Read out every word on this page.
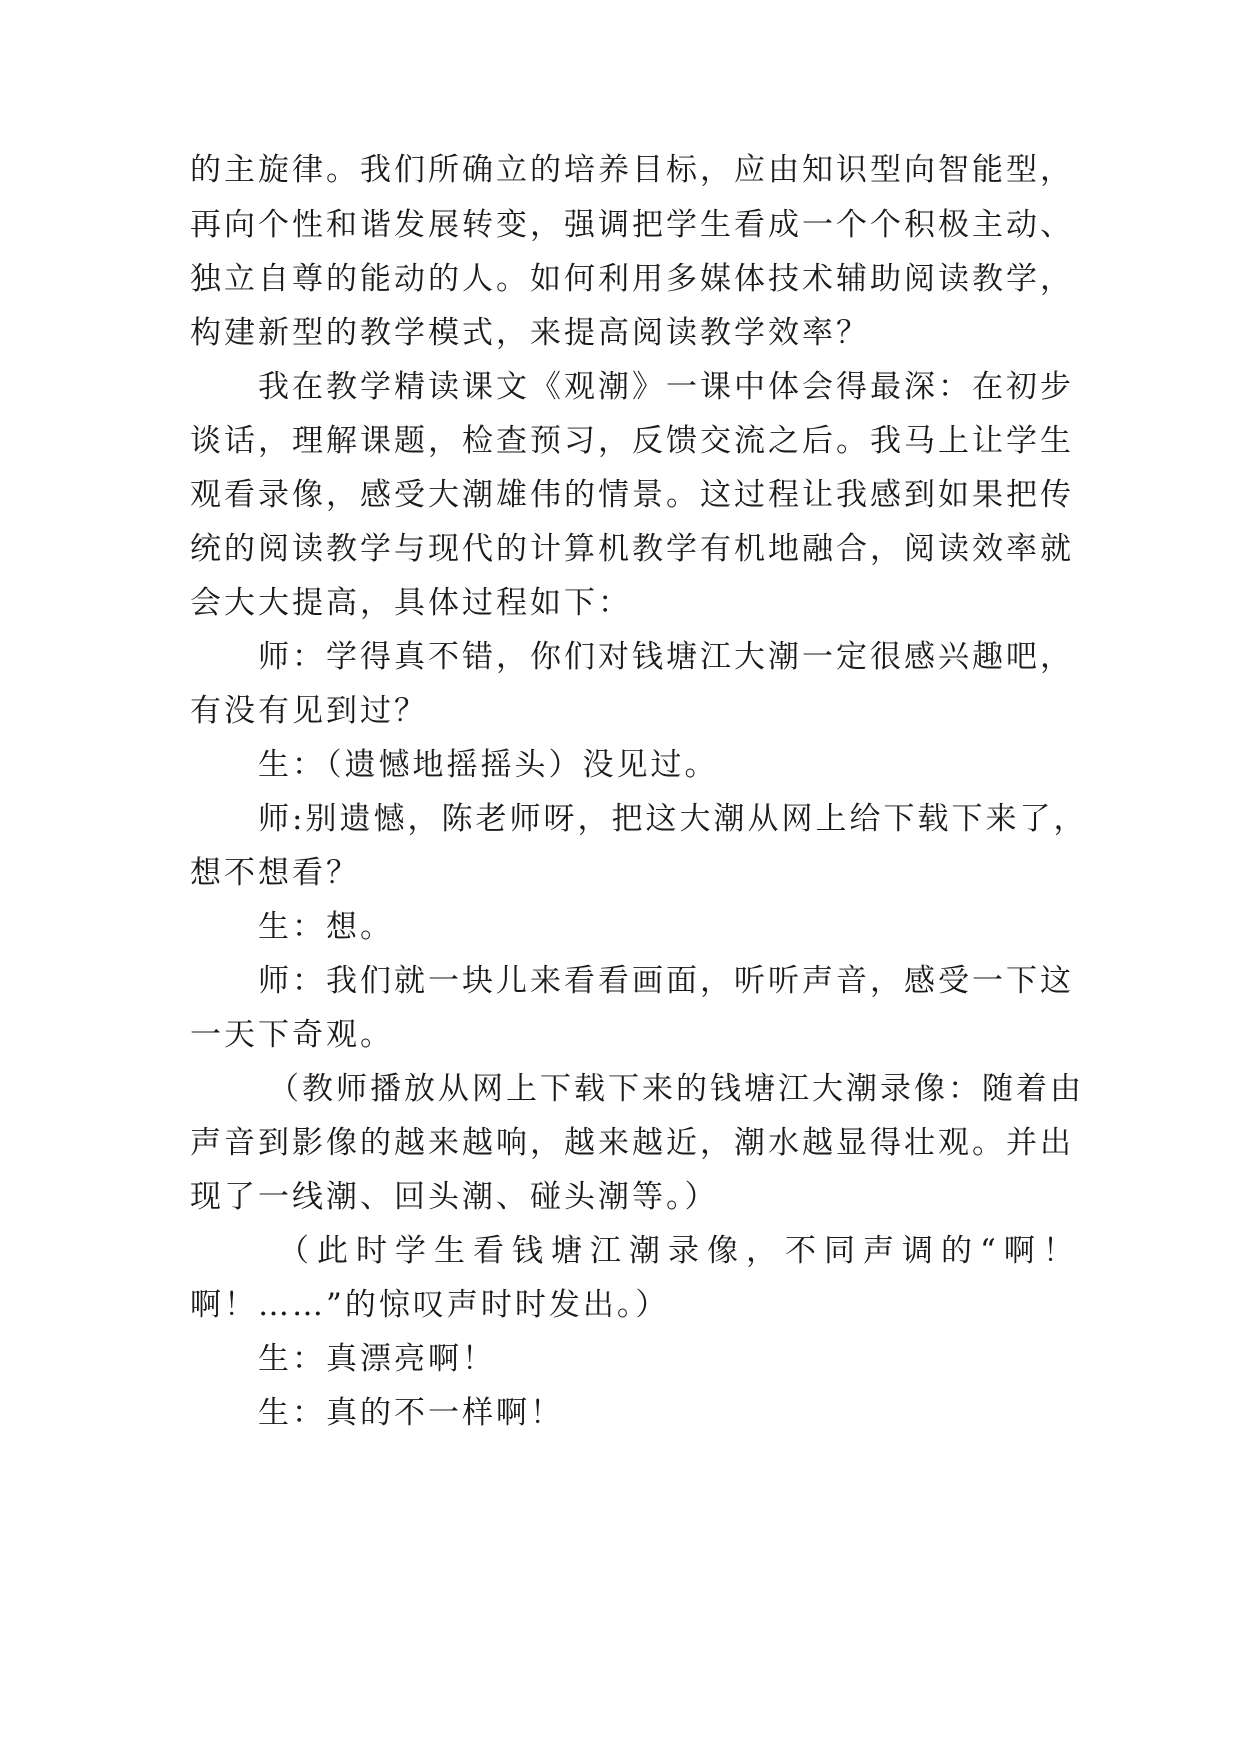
的主旋律。我们所确立的培养目标，应由知识型向智能型，
再向个性和谐发展转变，强调把学生看成一个个积极主动、
独立自尊的能动的人。如何利用多媒体技术辅助阅读教学，
构建新型的教学模式，来提高阅读教学效率？
我在教学精读课文《观潮》一课中体会得最深：在初步
谈话，理解课题，检查预习，反馈交流之后。我马上让学生
观看录像，感受大潮雄伟的情景。这过程让我感到如果把传
统的阅读教学与现代的计算机教学有机地融合，阅读效率就
会大大提高，具体过程如下：
师：学得真不错，你们对钱塘江大潮一定很感兴趣吧，
有没有见到过？
生：（遗憾地摇摇头）没见过。
师:别遗憾，陈老师呀，把这大潮从网上给下载下来了，
想不想看？
生：想。
师：我们就一块儿来看看画面，听听声音，感受一下这
一天下奇观。
（教师播放从网上下载下来的钱塘江大潮录像：随着由
声音到影像的越来越响，越来越近，潮水越显得壮观。并出
现了一线潮、回头潮、碰头潮等。）
（此时学生看钱塘江潮录像，不同声调的“啊！
啊！……”的惊叹声时时发出。）
生：真漂亮啊！
生：真的不一样啊！
